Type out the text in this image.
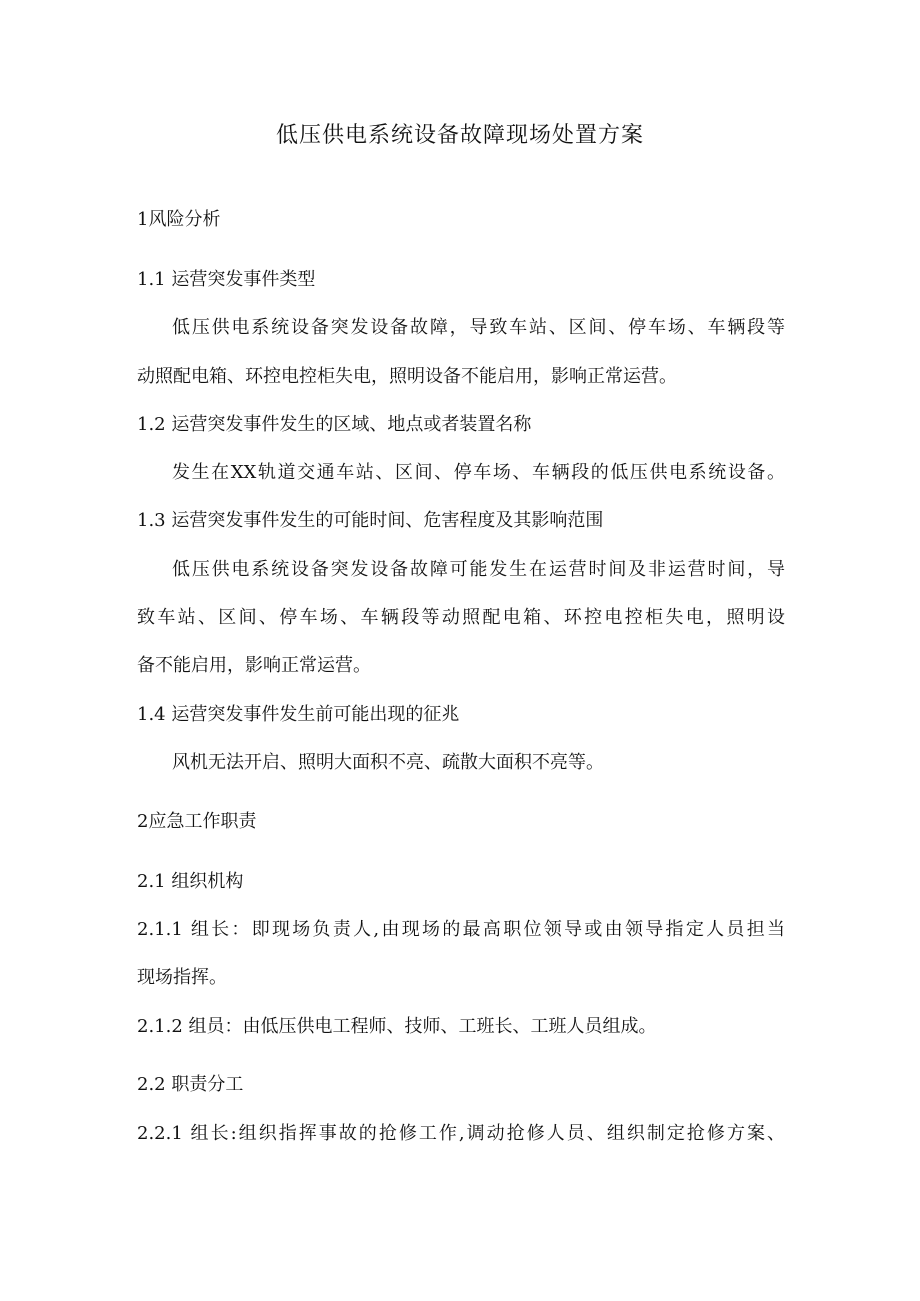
低压供电系统设备故障现场处置方案
1风险分析
1.1 运营突发事件类型
低压供电系统设备突发设备故障，导致车站、区间、停车场、车辆段等
动照配电箱、环控电控柜失电，照明设备不能启用，影响正常运营。
1.2 运营突发事件发生的区域、地点或者装置名称
发生在XX轨道交通车站、区间、停车场、车辆段的低压供电系统设备。
1.3 运营突发事件发生的可能时间、危害程度及其影响范围
低压供电系统设备突发设备故障可能发生在运营时间及非运营时间，导
致车站、区间、停车场、车辆段等动照配电箱、环控电控柜失电，照明设
备不能启用，影响正常运营。
1.4 运营突发事件发生前可能出现的征兆
风机无法开启、照明大面积不亮、疏散大面积不亮等。
2应急工作职责
2.1 组织机构
2.1.1 组长：即现场负责人,由现场的最高职位领导或由领导指定人员担当
现场指挥。
2.1.2 组员：由低压供电工程师、技师、工班长、工班人员组成。
2.2 职责分工
2.2.1 组长:组织指挥事故的抢修工作,调动抢修人员、组织制定抢修方案、
